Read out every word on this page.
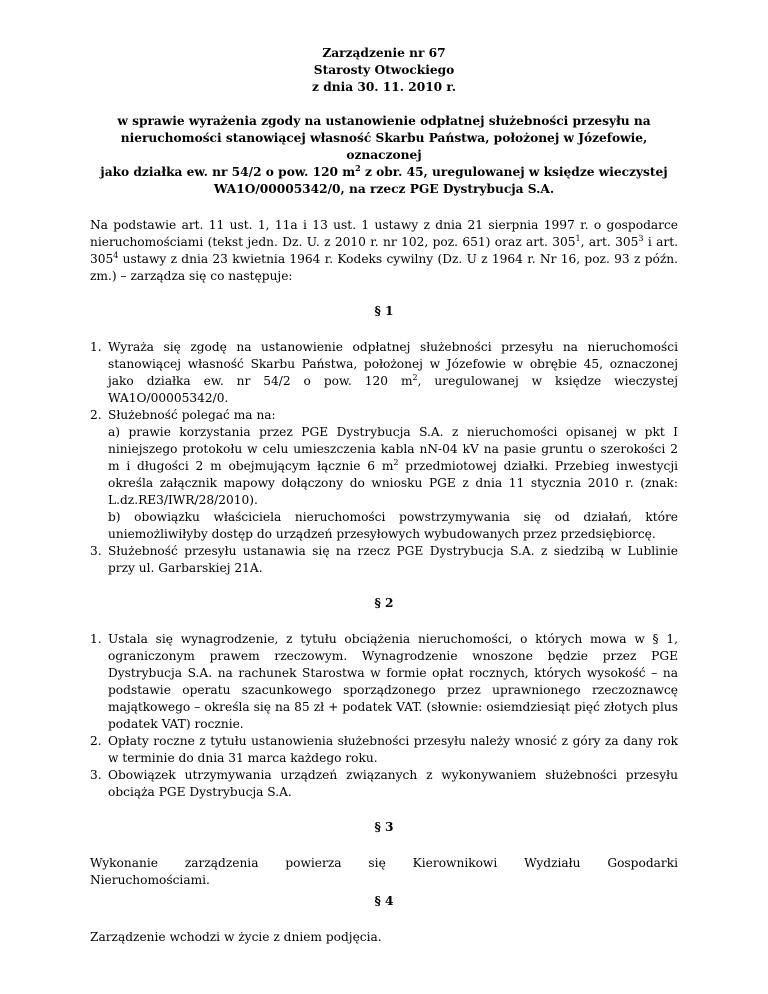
Zarządzenie nr 67
Starosty Otwockiego
z dnia 30. 11. 2010 r.
w sprawie wyrażenia zgody na ustanowienie odpłatnej służebności przesyłu na
nieruchomości stanowiącej własność Skarbu Państwa, położonej w Józefowie, oznaczonej
jako działka ew. nr 54/2 o pow. 120 $m^2$ z obr. 45, uregulowanej w księdze wieczystej
WA1O/00005342/0, na rzecz PGE Dystrybucja S.A.
Na podstawie art. 11 ust. 1, 11a i 13 ust. 1 ustawy z dnia 21 sierpnia 1997 r. o gospodarce nieruchomościami (tekst jedn. Dz. U. z 2010 r. nr 102, poz. 651) oraz art. $305^1$, art. $305^3$ i art. $305^4$ ustawy z dnia 23 kwietnia 1964 r. Kodeks cywilny (Dz. U z 1964 r. Nr 16, poz. 93 z późn. zm.) – zarządza się co następuje:
§ 1
1. Wyraża się zgodę na ustanowienie odpłatnej służebności przesyłu na nieruchomości stanowiącej własność Skarbu Państwa, położonej w Józefowie w obrębie 45, oznaczonej jako działka ew. nr 54/2 o pow. 120 $m^2$, uregulowanej w księdze wieczystej WA1O/00005342/0.
2. Służebność polegać ma na:
a) prawie korzystania przez PGE Dystrybucja S.A. z nieruchomości opisanej w pkt I niniejszego protokołu w celu umieszczenia kabla nN-04 kV na pasie gruntu o szerokości 2 m i długości 2 m obejmującym łącznie 6 $m^2$ przedmiotowej działki. Przebieg inwestycji określa załącznik mapowy dołączony do wniosku PGE z dnia 11 stycznia 2010 r. (znak: L.dz.RE3/IWR/28/2010).
b) obowiązku właściciela nieruchomości powstrzymywania się od działań, które uniemożliwiłyby dostęp do urządzeń przesyłowych wybudowanych przez przedsiębiorcę.
3. Służebność przesyłu ustanawia się na rzecz PGE Dystrybucja S.A. z siedzibą w Lublinie przy ul. Garbarskiej 21A.
§ 2
1. Ustala się wynagrodzenie, z tytułu obciążenia nieruchomości, o których mowa w § 1, ograniczonym prawem rzeczowym. Wynagrodzenie wnoszone będzie przez PGE Dystrybucja S.A. na rachunek Starostwa w formie opłat rocznych, których wysokość – na podstawie operatu szacunkowego sporządzonego przez uprawnionego rzeczoznawcę majątkowego – określa się na 85 zł + podatek VAT. (słownie: osiemdziesiąt pięć złotych plus podatek VAT) rocznie.
2. Opłaty roczne z tytułu ustanowienia służebności przesyłu należy wnosić z góry za dany rok w terminie do dnia 31 marca każdego roku.
3. Obowiązek utrzymywania urządzeń związanych z wykonywaniem służebności przesyłu obciąża PGE Dystrybucja S.A.
§ 3
Wykonanie zarządzenia powierza się Kierownikowi Wydziału Gospodarki
Nieruchomościami.
§ 4
Zarządzenie wchodzi w życie z dniem podjęcia.
